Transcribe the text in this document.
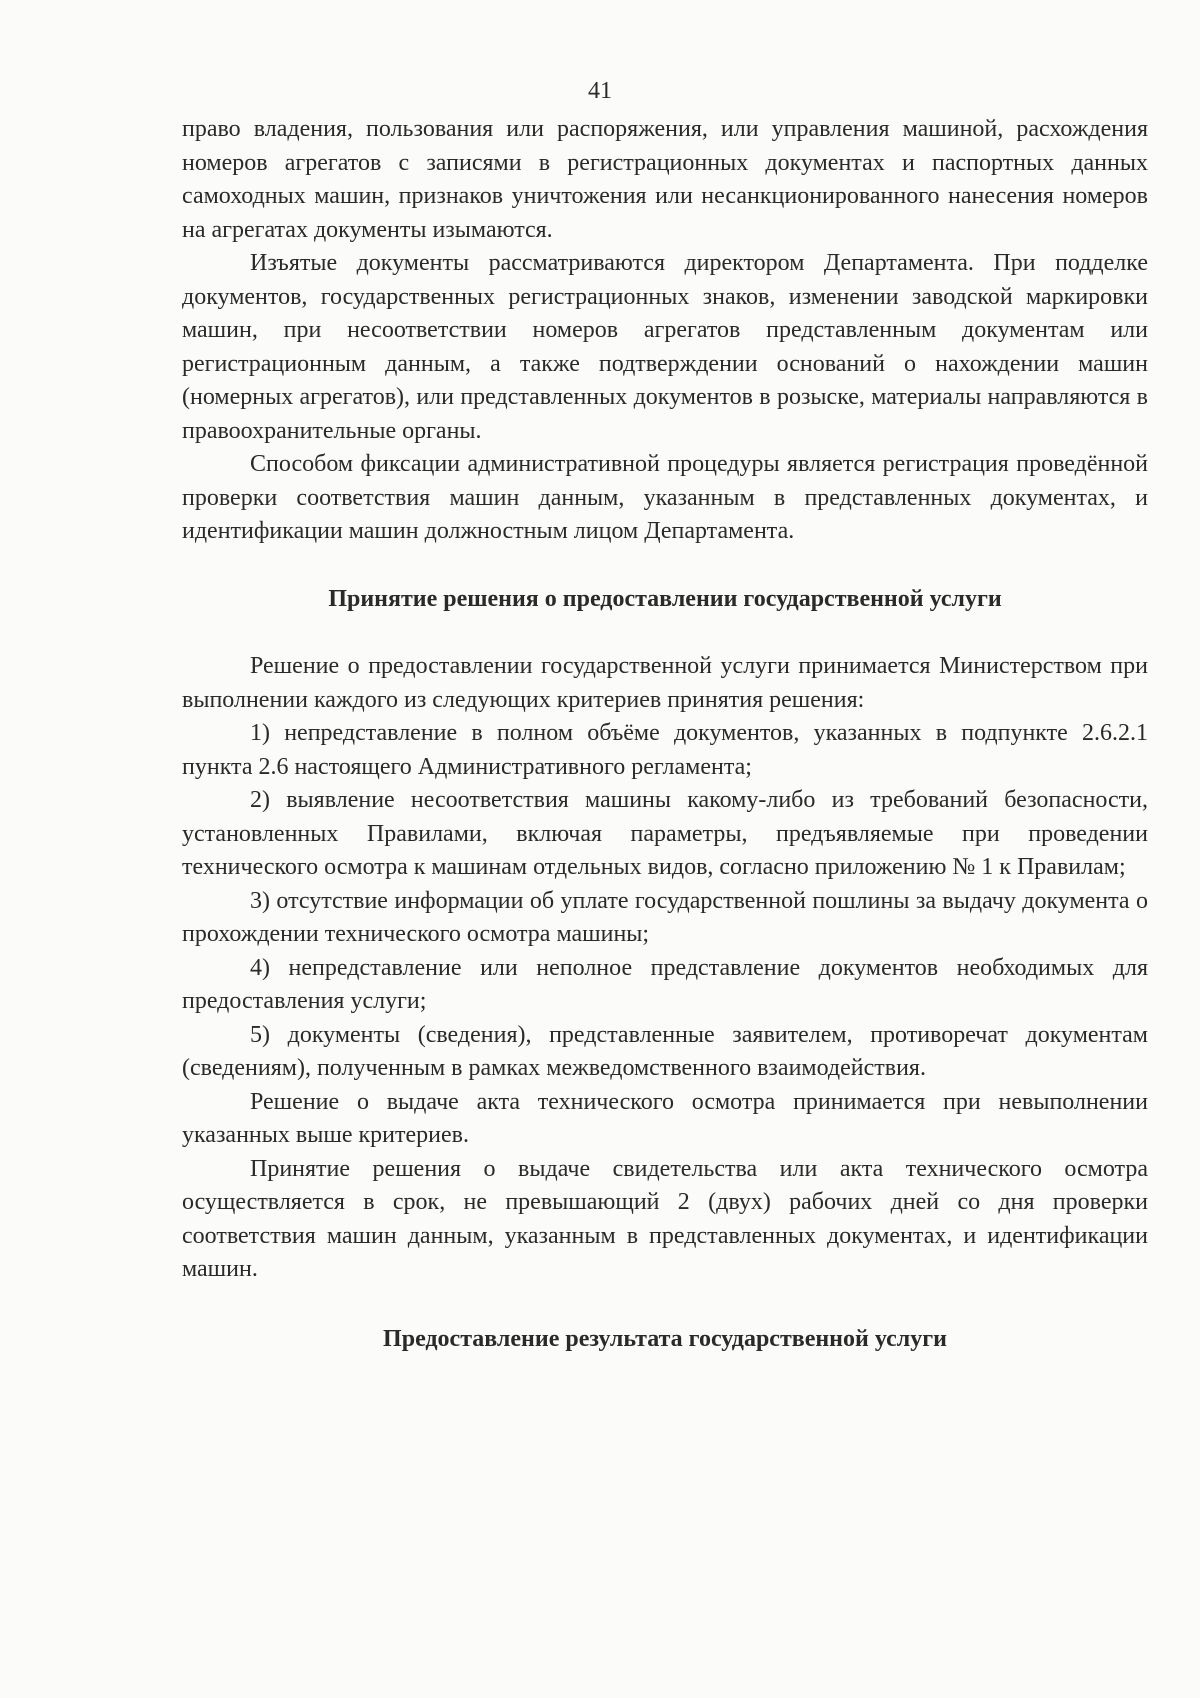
41

право владения, пользования или распоряжения, или управления машиной, расхождения номеров агрегатов с записями в регистрационных документах и паспортных данных самоходных машин, признаков уничтожения или несанкционированного нанесения номеров на агрегатах документы изымаются.

Изъятые документы рассматриваются директором Департамента. При подделке документов, государственных регистрационных знаков, изменении заводской маркировки машин, при несоответствии номеров агрегатов представленным документам или регистрационным данным, а также подтверждении оснований о нахождении машин (номерных агрегатов), или представленных документов в розыске, материалы направляются в правоохранительные органы.

Способом фиксации административной процедуры является регистрация проведённой проверки соответствия машин данным, указанным в представленных документах, и идентификации машин должностным лицом Департамента.

Принятие решения о предоставлении государственной услуги

Решение о предоставлении государственной услуги принимается Министерством при выполнении каждого из следующих критериев принятия решения:

1) непредставление в полном объёме документов, указанных в подпункте 2.6.2.1 пункта 2.6 настоящего Административного регламента;

2) выявление несоответствия машины какому-либо из требований безопасности, установленных Правилами, включая параметры, предъявляемые при проведении технического осмотра к машинам отдельных видов, согласно приложению № 1 к Правилам;

3) отсутствие информации об уплате государственной пошлины за выдачу документа о прохождении технического осмотра машины;

4) непредставление или неполное представление документов необходимых для предоставления услуги;

5) документы (сведения), представленные заявителем, противоречат документам (сведениям), полученным в рамках межведомственного взаимодействия.

Решение о выдаче акта технического осмотра принимается при невыполнении указанных выше критериев.

Принятие решения о выдаче свидетельства или акта технического осмотра осуществляется в срок, не превышающий 2 (двух) рабочих дней со дня проверки соответствия машин данным, указанным в представленных документах, и идентификации машин.

Предоставление результата государственной услуги
